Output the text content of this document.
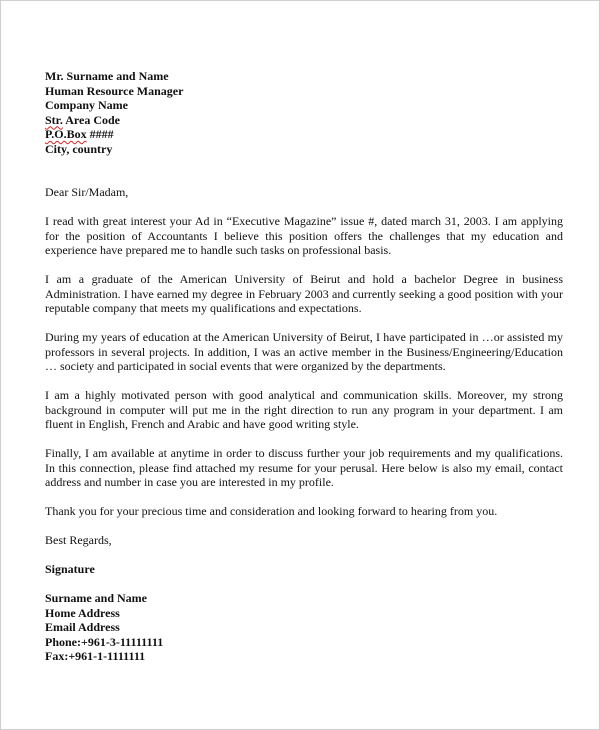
Mr. Surname and Name
Human Resource Manager
Company Name
Str. Area Code
P.O.Box ####
City, country

Dear Sir/Madam,

I read with great interest your Ad in “Executive Magazine” issue #, dated march 31, 2003. I am applying for the position of Accountants I believe this position offers the challenges that my education and experience have prepared me to handle such tasks on professional basis.

I am a graduate of the American University of Beirut and hold a bachelor Degree in business Administration. I have earned my degree in February 2003 and currently seeking a good position with your reputable company that meets my qualifications and expectations.

During my years of education at the American University of Beirut, I have participated in …or assisted my professors in several projects. In addition, I was an active member in the Business/Engineering/Education … society and participated in social events that were organized by the departments.

I am a highly motivated person with good analytical and communication skills. Moreover, my strong background in computer will put me in the right direction to run any program in your department. I am fluent in English, French and Arabic and have good writing style.

Finally, I am available at anytime in order to discuss further your job requirements and my qualifications. In this connection, please find attached my resume for your perusal. Here below is also my email, contact address and number in case you are interested in my profile.

Thank you for your precious time and consideration and looking forward to hearing from you.

Best Regards,

Signature

Surname and Name
Home Address
Email Address
Phone:+961-3-11111111
Fax:+961-1-1111111
